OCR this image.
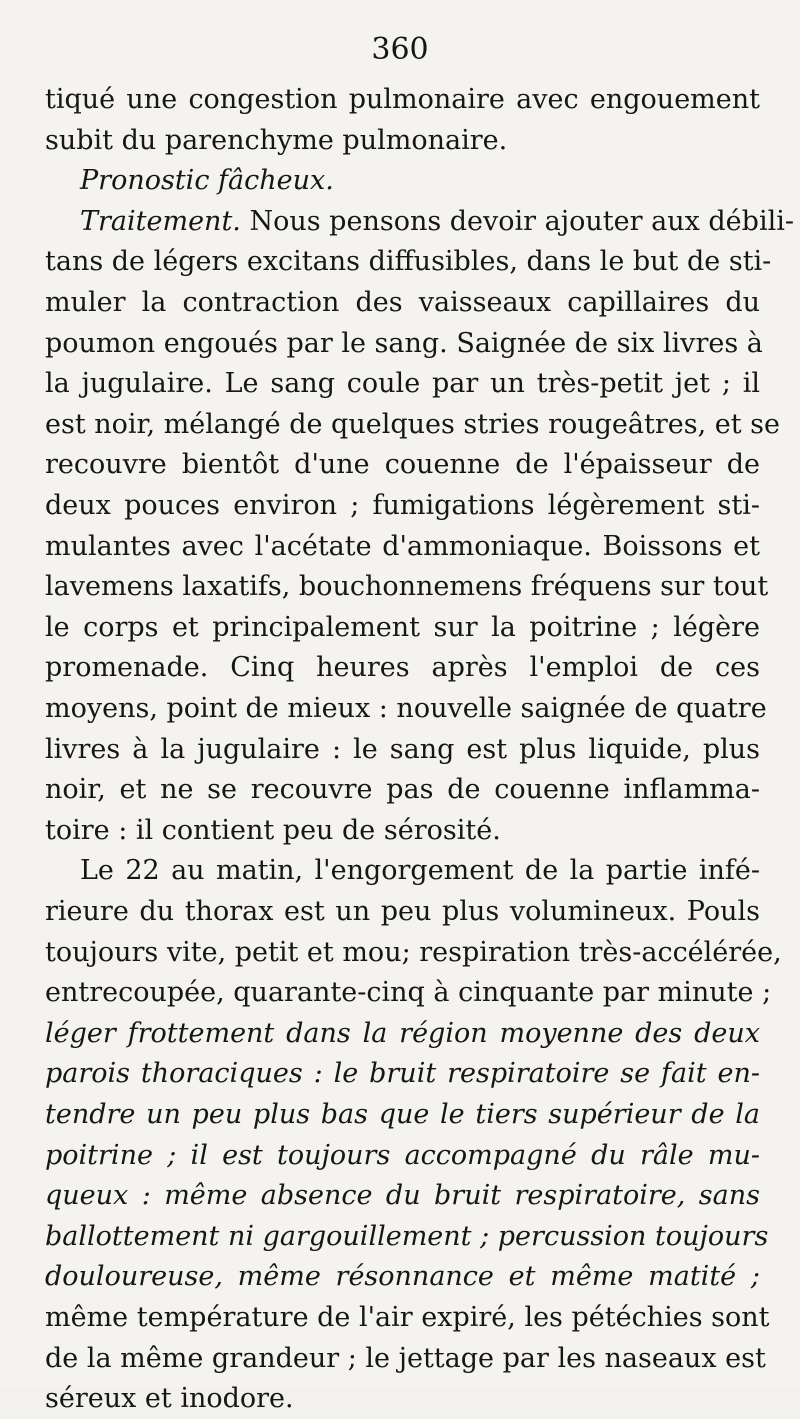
360
tiqué une congestion pulmonaire avec engouement
subit du parenchyme pulmonaire.
Pronostic fâcheux.
Traitement. Nous pensons devoir ajouter aux débili-
tans de légers excitans diffusibles, dans le but de sti-
muler la contraction des vaisseaux capillaires du
poumon engoués par le sang. Saignée de six livres à
la jugulaire. Le sang coule par un très-petit jet ; il
est noir, mélangé de quelques stries rougeâtres, et se
recouvre bientôt d'une couenne de l'épaisseur de
deux pouces environ ; fumigations légèrement sti-
mulantes avec l'acétate d'ammoniaque. Boissons et
lavemens laxatifs, bouchonnemens fréquens sur tout
le corps et principalement sur la poitrine ; légère
promenade. Cinq heures après l'emploi de ces
moyens, point de mieux : nouvelle saignée de quatre
livres à la jugulaire : le sang est plus liquide, plus
noir, et ne se recouvre pas de couenne inflamma-
toire : il contient peu de sérosité.
Le 22 au matin, l'engorgement de la partie infé-
rieure du thorax est un peu plus volumineux. Pouls
toujours vite, petit et mou; respiration très-accélérée,
entrecoupée, quarante-cinq à cinquante par minute ;
léger frottement dans la région moyenne des deux
parois thoraciques : le bruit respiratoire se fait en-
tendre un peu plus bas que le tiers supérieur de la
poitrine ; il est toujours accompagné du râle mu-
queux : même absence du bruit respiratoire, sans
ballottement ni gargouillement ; percussion toujours
douloureuse, même résonnance et même matité ;
même température de l'air expiré, les pétéchies sont
de la même grandeur ; le jettage par les naseaux est
séreux et inodore.
